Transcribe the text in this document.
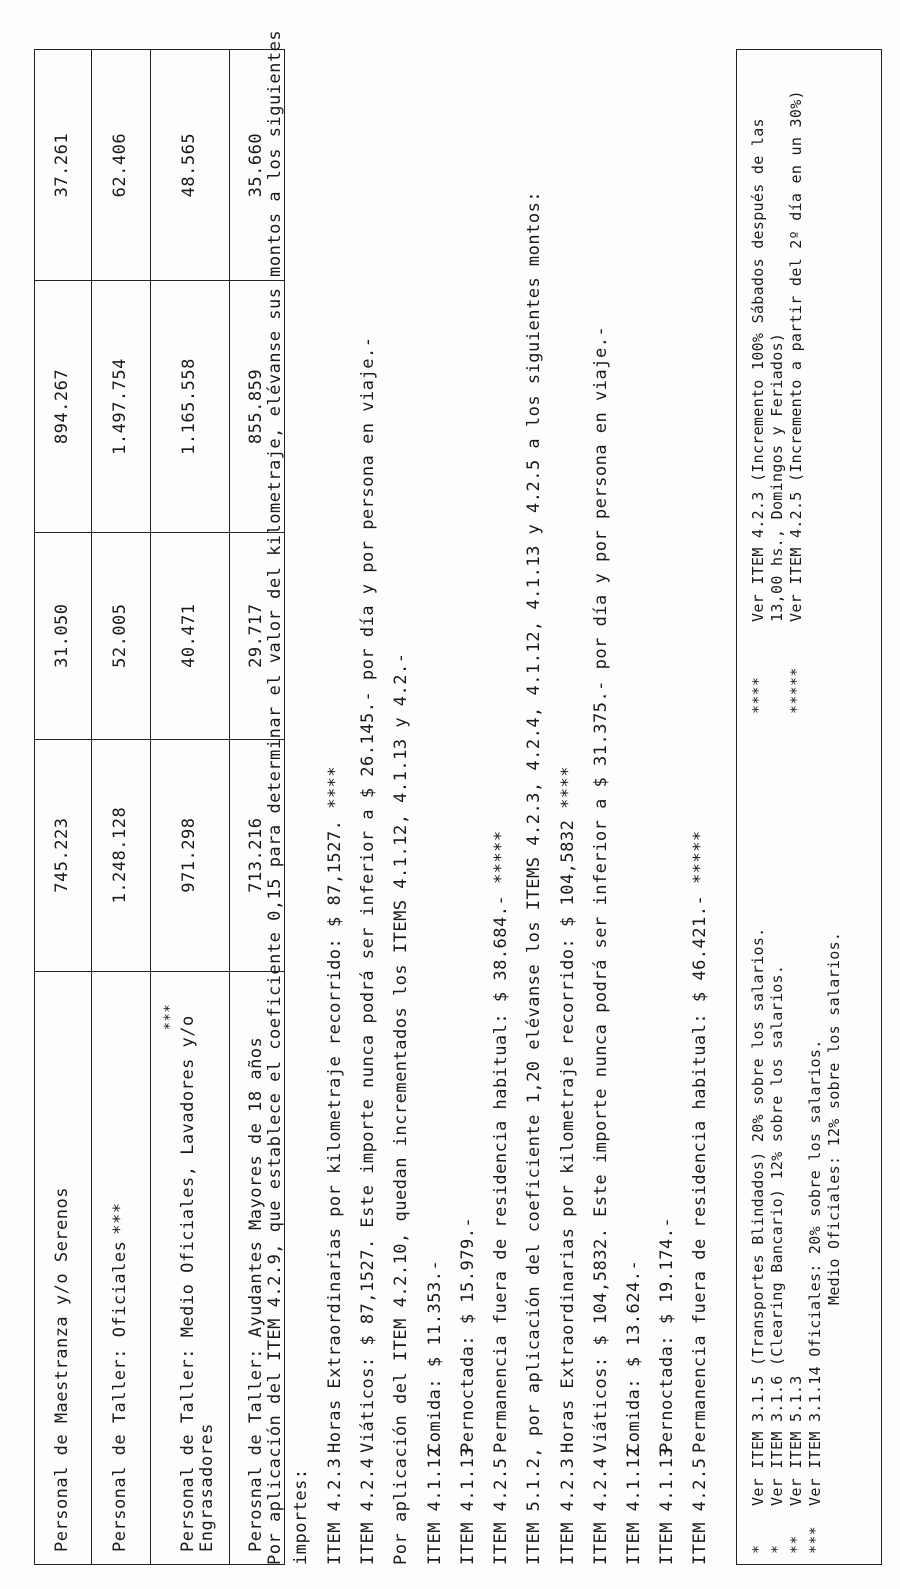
Personal de Maestranza y/o Serenos	745.223	31.050	894.267	37.261
Personal de Taller: Oficiales***	1.248.128	52.005	1.497.754	62.406

*** Personal de Taller: Medio Oficiales, Lavadores y/o Engrasadores	971.298	40.471	1.165.558	48.565
Perosnal de Taller: Ayudantes Mayores de 18 años	713.216	29.717	855.859	35.660

Por aplicación del ITEM 4.2.9, que establece el coeficiente 0,15 para determinar el valor del kilometraje, elévanse sus montos a los siguientes importes: ITEM 4.2.3
Horas Extraordinarias por kilometraje recorrido: $ 87,1527. ****
ITEM 4.2.4
Viáticos: $ 87,1527. Este importe nunca podrá ser inferior a $ 26.145.- por día y por persona en viaje.- Por aplicación del ITEM 4.2.10, quedan incrementados los ITEMS 4.1.12, 4.1.13 y 4.2.- ITEM 4.1.12
Comida: $ 11.353.-
ITEM 4.1.13
Pernoctada: $ 15.979.-
ITEM 4.2.5
Permanencia fuera de residencia habitual: $ 38.684.- ***** ITEM 5.1.2, por aplicación del coeficiente 1,20 elévanse los ITEMS 4.2.3, 4.2.4, 4.1.12, 4.1.13 y 4.2.5 a los siguientes montos: ITEM 4.2.3
Horas Extraordinarias por kilometraje recorrido: $ 104,5832 ****
ITEM 4.2.4
Viáticos: $ 104,5832. Este importe nunca podrá ser inferior a $ 31.375.- por día y por persona en viaje.-
ITEM 4.1.12
Comida: $ 13.624.-
ITEM 4.1.13
Pernoctada: $ 19.174.-
ITEM 4.2.5
Permanencia fuera de residencia habitual: $ 46.421.- *****
*
Ver ITEM 3.1.5 (Transportes Blindados) 20% sobre los salarios.
*
Ver ITEM 3.1.6 (Clearing Bancario) 12% sobre los salarios.
**
Ver ITEM 5.1.3
***
Ver ITEM 3.1.14 Oficiales: 20% sobre los salarios. Medio Oficiales: 12% sobre los salarios.
****
Ver ITEM 4.2.3 (Incremento 100% Sábados después de las 13,00 hs., Domingos y Feriados)
*****
Ver ITEM 4.2.5 (Incremento a partir del 2º día en un 30%)
